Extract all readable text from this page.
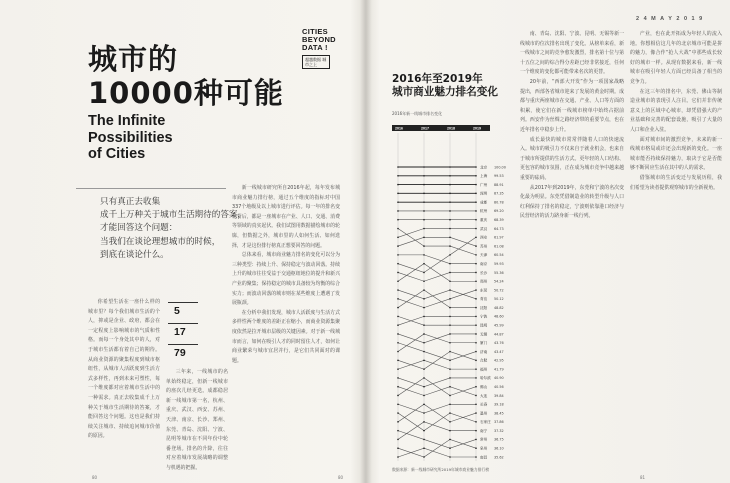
城市的
10000种可能
The Infinite
Possibilities
of Cities
CITIES
BEYOND
DATA !
超越数据 城市之上
只有真正去收集
成千上万种关于城市生活期待的答案，
才能回答这个问题：
当我们在谈论理想城市的时候，
到底在谈论什么。

你希望生活在一座什么样的城市里？每个我们城市生活的个人，抑或是企业、政府，都会在一定程度上影响城市的气质和性格。而每一个身处其中的人，对于城市生活都有着自己的期待。从商业资源的聚集程度到城市枢纽性，从城市人活跃度到生活方式多样性，再到未来可塑性，每一个维度都对应着城市生活中的一种需求。真正去收集成千上万种关于城市生活期待的答案，才能回答这个问题。这也是我们持续关注城市、持续追问城市价值的原因。

5
17
79

三年来，一线城市的名单始终稳定，但新一线城市的座次几经更迭。成都稳居新一线城市第一名，杭州、重庆、武汉、西安、苏州、天津、南京、长沙、郑州、东莞、青岛、沈阳、宁波、昆明等城市在不同年份中轮番登场。排名的升降，往往对应着城市发展战略的调整与机遇的把握。

新一线城市研究所自2016年起，每年发布城市商业魅力排行榜，通过五个维度的指标对中国337个地级及以上城市进行评估。每一年的排名变化背后，都是一座城市在产业、人口、交通、消费等领域的真实起伏。我们试图用数据描绘城市的轮廓，但数据之外，城市里的人如何生活、如何选择，才是这份排行榜真正想要回答的问题。

总体来看，城市商业魅力排名的变化可以分为三种类型：持续上升、保持稳定与波动回落。持续上升的城市往往受益于交通枢纽地位的提升和新兴产业的聚集；保持稳定的城市具备较为均衡的综合实力；而波动回落的城市则在某些维度上遭遇了发展瓶颈。

在分析中我们发现，城市人活跃度与生活方式多样性两个维度的差距正在缩小，而商业资源集聚度依然是拉开城市层级的关键因素。对于新一线城市而言，如何在吸引人才的同时留住人才，如何让商业繁荣与城市宜居并行，是它们共同面对的课题。

80	80
2 4 M A Y 2 0 1 9
2016年至2019年
城市商业魅力排名变化
2016年新一线城市排名变化
2016	2017	2018	2019
北京 100.00
上海 99.53
广州 88.91
深圳 87.35
成都 80.78
杭州 69.20
重庆 68.39
武汉 64.73
西安 61.97
苏州 61.08
天津 60.54
南京 59.93
长沙 55.36
郑州 54.24
东莞 50.72
青岛 50.12
沈阳 48.82
宁波 48.60
昆明 45.99
无锡 44.87
厦门 43.76
济南 43.47
合肥 42.95
福州 41.79
哈尔滨 40.90
佛山 40.56
大连 39.84
长春 39.18
温州 38.45
石家庄 37.86
南宁 37.32
常州 36.75
泉州 36.10
南昌 35.62
数据来源：新一线城市研究所2019年城市商业魅力排行榜

南、青岛、沈阳、宁波、昆明、无锡等新一线城市的位次排名出现了变化。从榜单来看，新一线城市之间的竞争愈发激烈，排名第十位与第十五位之间的综合得分差距已经非常接近，任何一个维度的变化都可能带来名次的更替。

20年前，“西部大开发”作为一项国家战略提出，西部各省城市迎来了发展的黄金时期。成都与重庆两座城市在交通、产业、人口等方面的积累，使它们在新一线城市榜单中始终占据前列。西安作为丝绸之路经济带的重要节点，也在近年排名中稳步上升。

成长最快的城市常常伴随着人口的快速流入。城市的吸引力不仅来自于就业机会，也来自于城市所提供的生活方式。更年轻的人口结构、更包容的城市氛围，正在成为城市竞争中越来越重要的砝码。

从2017年到2019年，东莞和宁波的名次变化最为明显。东莞凭借制造业的转型升级与人口红利保持了排名的稳定，宁波则依靠港口经济与民营经济的活力跻身新一线行列。

产业，也在此开拓成为年轻人的流入地。你想相信这几年的北京城市可能是拼的魅力，像合作“抢人大战”中那些成长较好的城市一样。从现有数据来看，新一线城市在吸引年轻人方面已经具备了相当的竞争力。

在这三年的排名中，东莞、佛山等制造业城市的表现引人注目。它们并非传统意义上的区域中心城市，却凭借强大的产业基础和完善的配套设施，吸引了大量的人口和企业入驻。

面对城市间的激烈竞争，未来的新一线城市格局或许还会出现新的变化。一座城市能否持续保持魅力，取决于它是否能够不断回应生活在其中的人的需求。

借鉴城市的生活变迁与发展历程，我们希望为读者提供观察城市的全新视角。

81
